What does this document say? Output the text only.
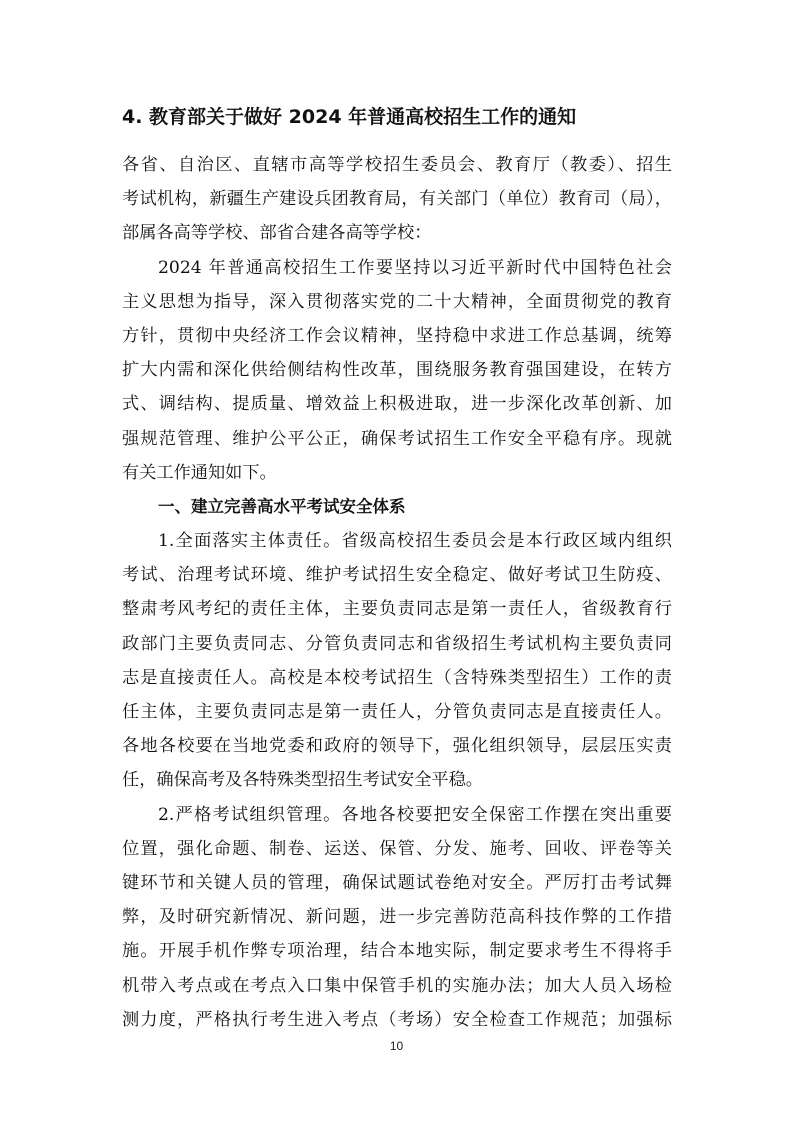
4. 教育部关于做好 2024 年普通高校招生工作的通知
各省、自治区、直辖市高等学校招生委员会、教育厅（教委）、招生
考试机构，新疆生产建设兵团教育局，有关部门（单位）教育司（局），
部属各高等学校、部省合建各高等学校：
2024 年普通高校招生工作要坚持以习近平新时代中国特色社会
主义思想为指导，深入贯彻落实党的二十大精神，全面贯彻党的教育
方针，贯彻中央经济工作会议精神，坚持稳中求进工作总基调，统筹
扩大内需和深化供给侧结构性改革，围绕服务教育强国建设，在转方
式、调结构、提质量、增效益上积极进取，进一步深化改革创新、加
强规范管理、维护公平公正，确保考试招生工作安全平稳有序。现就
有关工作通知如下。
一、建立完善高水平考试安全体系
1.全面落实主体责任。省级高校招生委员会是本行政区域内组织
考试、治理考试环境、维护考试招生安全稳定、做好考试卫生防疫、
整肃考风考纪的责任主体，主要负责同志是第一责任人，省级教育行
政部门主要负责同志、分管负责同志和省级招生考试机构主要负责同
志是直接责任人。高校是本校考试招生（含特殊类型招生）工作的责
任主体，主要负责同志是第一责任人，分管负责同志是直接责任人。
各地各校要在当地党委和政府的领导下，强化组织领导，层层压实责
任，确保高考及各特殊类型招生考试安全平稳。
2.严格考试组织管理。各地各校要把安全保密工作摆在突出重要
位置，强化命题、制卷、运送、保管、分发、施考、回收、评卷等关
键环节和关键人员的管理，确保试题试卷绝对安全。严厉打击考试舞
弊，及时研究新情况、新问题，进一步完善防范高科技作弊的工作措
施。开展手机作弊专项治理，结合本地实际，制定要求考生不得将手
机带入考点或在考点入口集中保管手机的实施办法；加大人员入场检
测力度，严格执行考生进入考点（考场）安全检查工作规范；加强标
10
